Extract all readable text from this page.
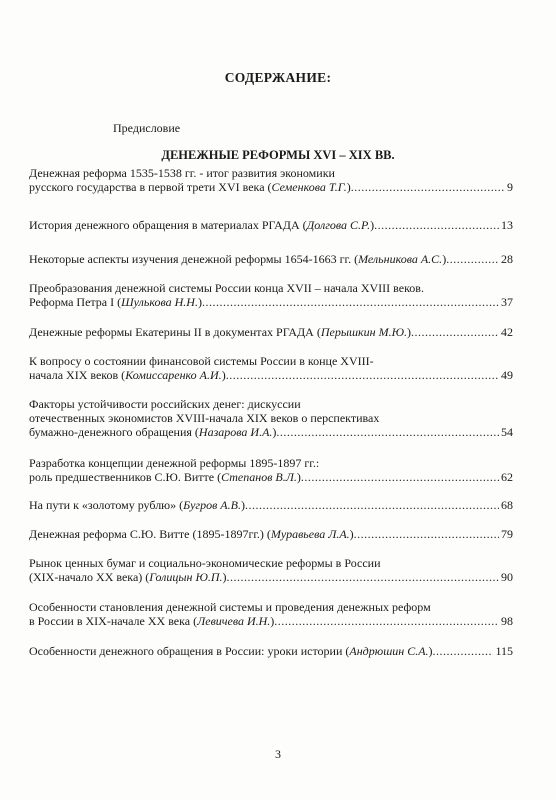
СОДЕРЖАНИЕ:
Предисловие
ДЕНЕЖНЫЕ РЕФОРМЫ XVI – XIX ВВ.
Денежная реформа 1535-1538 гг. - итог развития экономики
русского государства в первой трети XVI века (Семенкова Т.Г.) .....	9
История денежного обращения в материалах РГАДА (Долгова С.Р.) .....	13
Некоторые аспекты изучения денежной реформы 1654-1663 гг. (Мельникова А.С.) .....	28
Преобразования денежной системы России конца XVII – начала XVIII веков.
Реформа Петра I (Шулькова Н.Н.) .....	37
Денежные реформы Екатерины II в документах РГАДА (Перышкин М.Ю.) .....	42
К вопросу о состоянии финансовой системы России в конце XVIII-
начала XIX веков (Комиссаренко А.И.) .....	49
Факторы устойчивости российских денег: дискуссии
отечественных экономистов XVIII-начала XIX веков о перспективах
бумажно-денежного обращения (Назарова И.А.) .....	54
Разработка концепции денежной реформы 1895-1897 гг.:
роль предшественников С.Ю. Витте (Степанов В.Л.) .....	62
На пути к «золотому рублю» (Бугров А.В.) .....	68
Денежная реформа С.Ю. Витте (1895-1897гг.) (Муравьева Л.А.) .....	79
Рынок ценных бумаг и социально-экономические реформы в России
(XIX-начало XX века) (Голицын Ю.П.) .....	90
Особенности становления денежной системы и проведения денежных реформ
в России в XIX-начале XX века (Левичева И.Н.) .....	98
Особенности денежного обращения в России: уроки истории (Андрюшин С.А.) .....	115
3
